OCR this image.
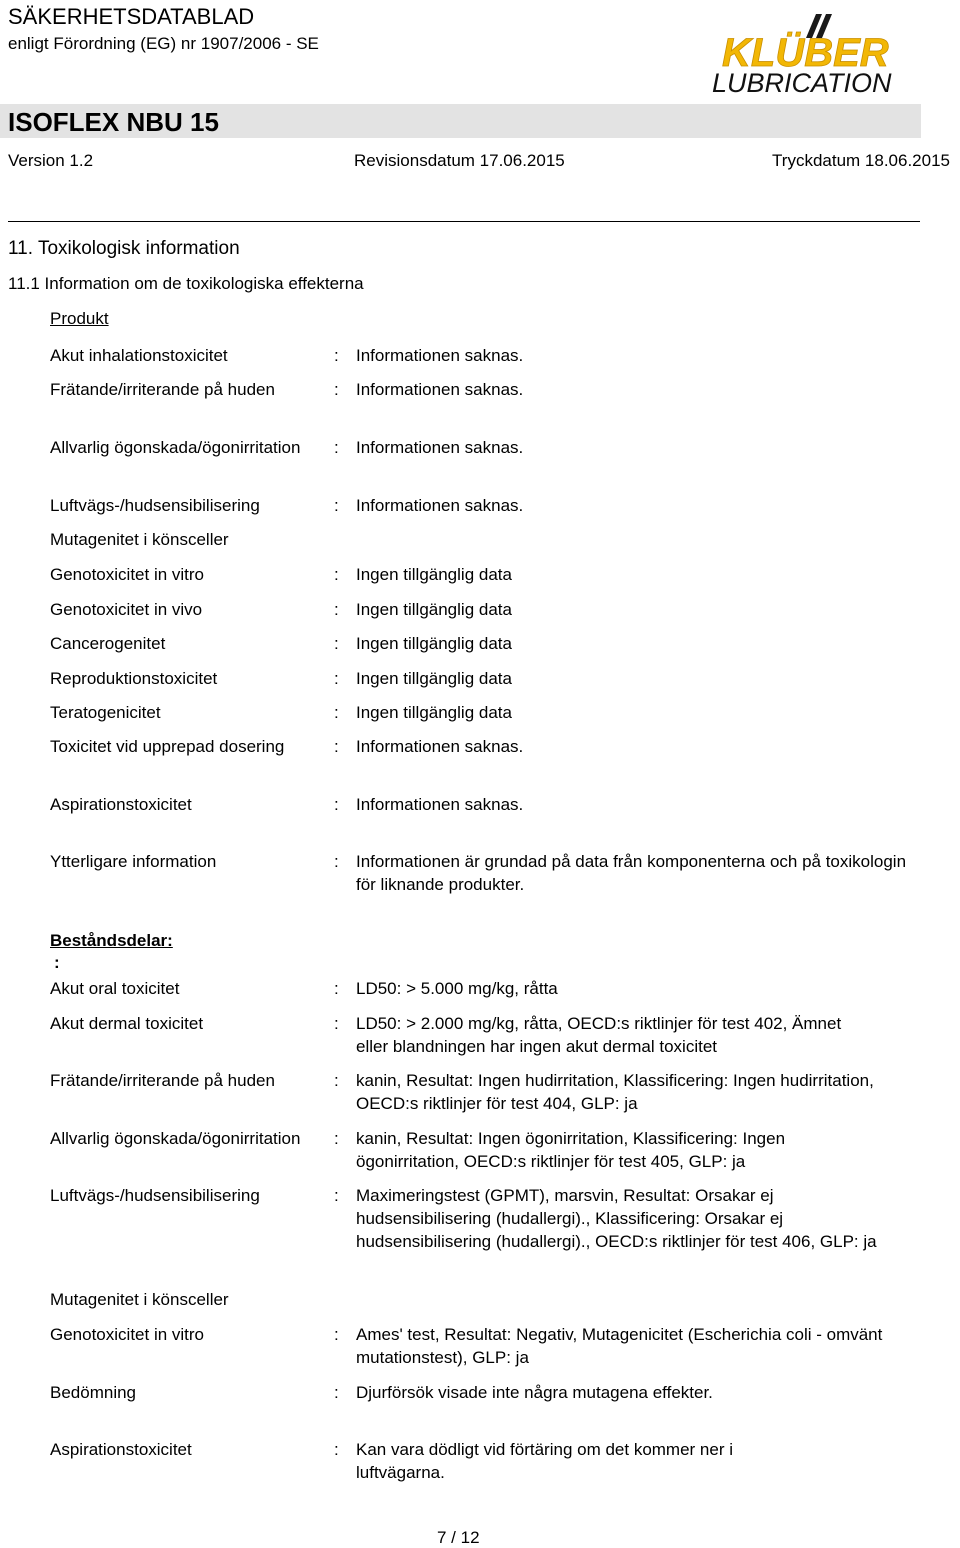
SÄKERHETSDATABLAD
enligt Förordning (EG) nr 1907/2006 - SE	KLÜBER
LUBRICATION
ISOFLEX NBU 15
Version 1.2	Revisionsdatum 17.06.2015	Tryckdatum 18.06.2015
11. Toxikologisk information
11.1 Information om de toxikologiska effekterna
Produkt
Akut inhalationstoxicitet	: Informationen saknas.
Frätande/irriterande på huden	: Informationen saknas.
Allvarlig ögonskada/ögonirritation	: Informationen saknas.
Luftvägs-/hudsensibilisering	: Informationen saknas.
Mutagenitet i könsceller
Genotoxicitet in vitro	: Ingen tillgänglig data
Genotoxicitet in vivo	: Ingen tillgänglig data
Cancerogenitet	: Ingen tillgänglig data
Reproduktionstoxicitet	: Ingen tillgänglig data
Teratogenicitet	: Ingen tillgänglig data
Toxicitet vid upprepad dosering	: Informationen saknas.
Aspirationstoxicitet	: Informationen saknas.
Ytterligare information	: Informationen är grundad på data från komponenterna och på toxikologin för liknande produkter.
Beståndsdelar:
:
Akut oral toxicitet	: LD50: > 5.000 mg/kg, råtta
Akut dermal toxicitet	: LD50: > 2.000 mg/kg, råtta, OECD:s riktlinjer för test 402, Ämnet eller blandningen har ingen akut dermal toxicitet
Frätande/irriterande på huden	: kanin, Resultat: Ingen hudirritation, Klassificering: Ingen hudirritation, OECD:s riktlinjer för test 404, GLP: ja
Allvarlig ögonskada/ögonirritation	: kanin, Resultat: Ingen ögonirritation, Klassificering: Ingen ögonirritation, OECD:s riktlinjer för test 405, GLP: ja
Luftvägs-/hudsensibilisering	: Maximeringstest (GPMT), marsvin, Resultat: Orsakar ej hudsensibilisering (hudallergi)., Klassificering: Orsakar ej hudsensibilisering (hudallergi)., OECD:s riktlinjer för test 406, GLP: ja
Mutagenitet i könsceller
Genotoxicitet in vitro	: Ames' test, Resultat: Negativ, Mutagenicitet (Escherichia coli - omvänt mutationstest), GLP: ja
Bedömning	: Djurförsök visade inte några mutagena effekter.
Aspirationstoxicitet	: Kan vara dödligt vid förtäring om det kommer ner i luftvägarna.
7 / 12
